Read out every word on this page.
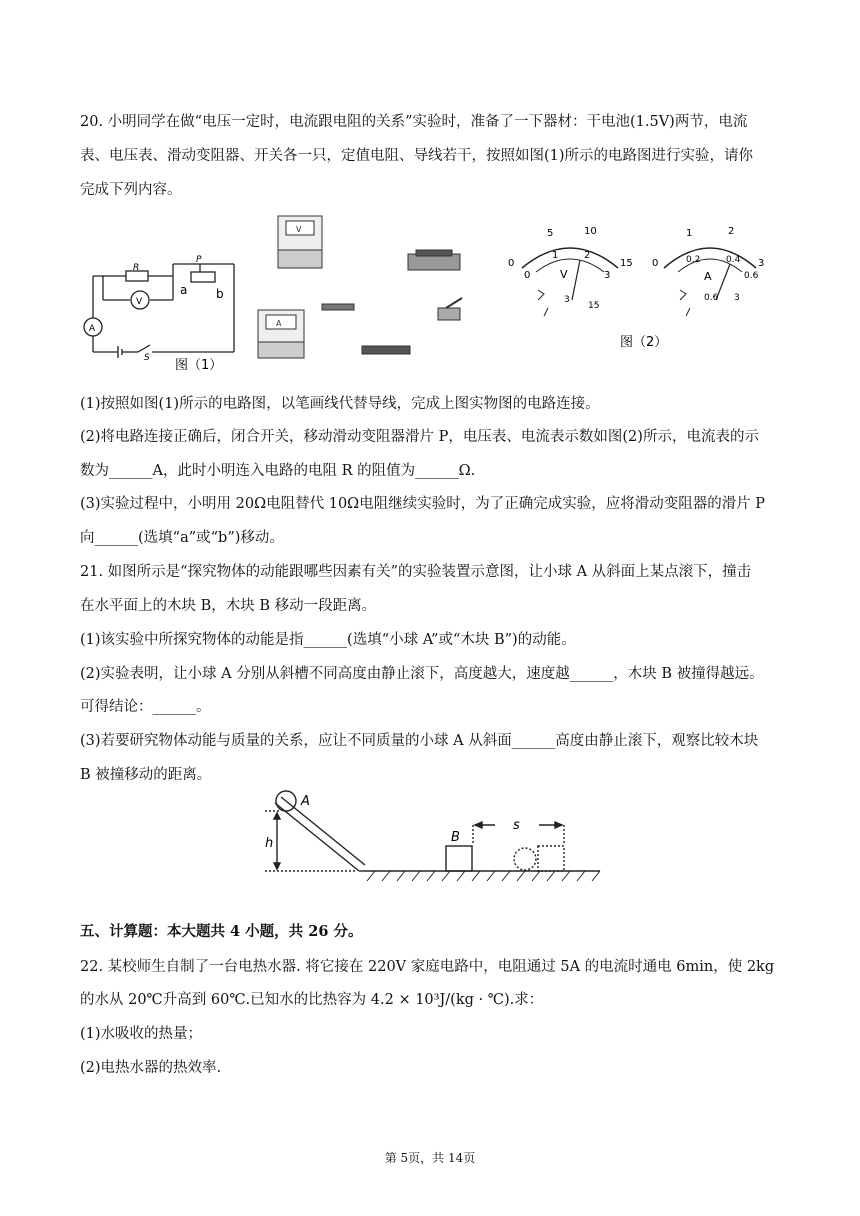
20. 小明同学在做“电压一定时，电流跟电阻的关系”实验时，准备了一下器材：干电池(1.5V)两节，电流
表、电压表、滑动变阻器、开关各一只，定值电阻、导线若干，按照如图(1)所示的电路图进行实验，请你
完成下列内容。
R
V
A
P
a b
S 图（1）
V
A
5	10
0	15
0
1	2
3
V
3
15
1	2
0	3
0.2	0.4
0.6
A
0.6 3
图（2）
(1)按照如图(1)所示的电路图，以笔画线代替导线，完成上图实物图的电路连接。
(2)将电路连接正确后，闭合开关，移动滑动变阻器滑片 P，电压表、电流表示数如图(2)所示，电流表的示
数为______A，此时小明连入电路的电阻 R 的阻值为______Ω.
(3)实验过程中，小明用 20Ω电阻替代 10Ω电阻继续实验时，为了正确完成实验，应将滑动变阻器的滑片 P
向______(选填“a”或“b”)移动。
21. 如图所示是“探究物体的动能跟哪些因素有关”的实验装置示意图，让小球 A 从斜面上某点滚下，撞击
在水平面上的木块 B，木块 B 移动一段距离。
(1)该实验中所探究物体的动能是指______(选填“小球 A”或“木块 B”)的动能。
(2)实验表明，让小球 A 分别从斜槽不同高度由静止滚下，高度越大，速度越______，木块 B 被撞得越远。
可得结论：______。
(3)若要研究物体动能与质量的关系，应让不同质量的小球 A 从斜面______高度由静止滚下，观察比较木块
B 被撞移动的距离。
A
B
h
s
五、计算题：本大题共 4 小题，共 26 分。
22. 某校师生自制了一台电热水器. 将它接在 220V 家庭电路中，电阻通过 5A 的电流时通电 6min，使 2kg
的水从 20℃升高到 60℃.已知水的比热容为 4.2 × 10³J/(kg · ℃).求：
(1)水吸收的热量；
(2)电热水器的热效率.
第 5页，共 14页
